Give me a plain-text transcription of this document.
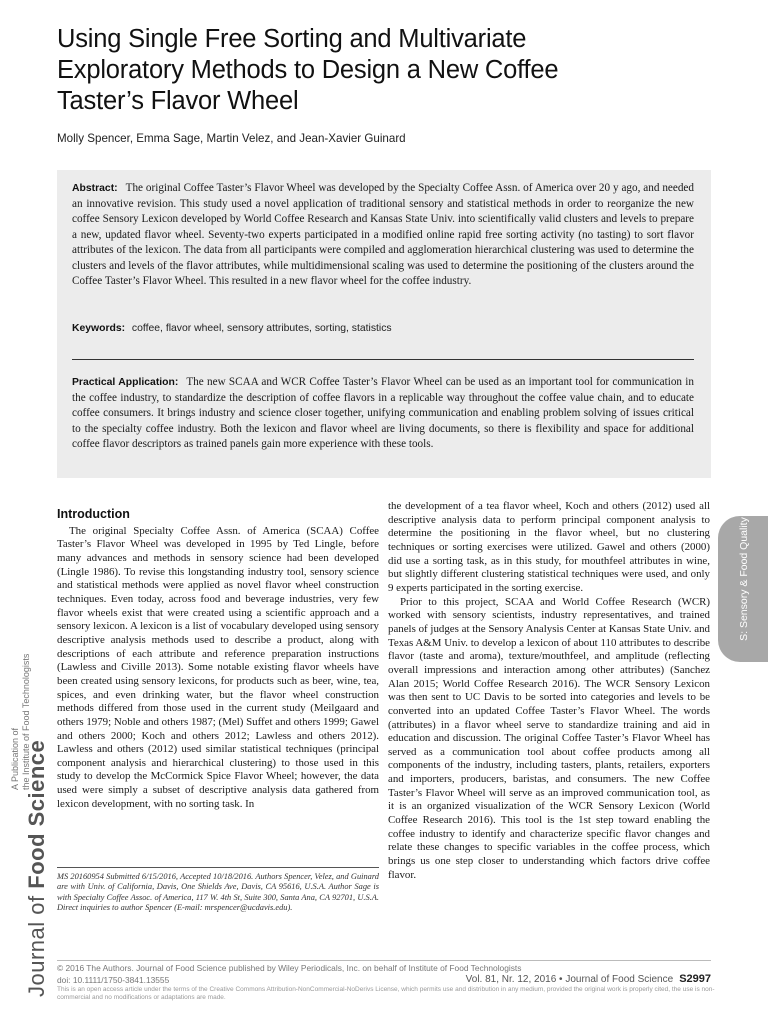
Using Single Free Sorting and Multivariate
Exploratory Methods to Design a New Coffee
Taster’s Flavor Wheel
Molly Spencer, Emma Sage, Martin Velez, and Jean-Xavier Guinard
Abstract: The original Coffee Taster’s Flavor Wheel was developed by the Specialty Coffee Assn. of America over 20 y ago, and needed an innovative revision. This study used a novel application of traditional sensory and statistical methods in order to reorganize the new coffee Sensory Lexicon developed by World Coffee Research and Kansas State Univ. into scientifically valid clusters and levels to prepare a new, updated flavor wheel. Seventy-two experts participated in a modified online rapid free sorting activity (no tasting) to sort flavor attributes of the lexicon. The data from all participants were compiled and agglomeration hierarchical clustering was used to determine the clusters and levels of the flavor attributes, while multidimensional scaling was used to determine the positioning of the clusters around the Coffee Taster’s Flavor Wheel. This resulted in a new flavor wheel for the coffee industry.
Keywords: coffee, flavor wheel, sensory attributes, sorting, statistics
Practical Application: The new SCAA and WCR Coffee Taster’s Flavor Wheel can be used as an important tool for communication in the coffee industry, to standardize the description of coffee flavors in a replicable way throughout the coffee value chain, and to educate coffee consumers. It brings industry and science closer together, unifying communication and enabling problem solving of issues critical to the specialty coffee industry. Both the lexicon and flavor wheel are living documents, so there is flexibility and space for additional coffee flavor descriptors as trained panels gain more experience with these tools.
Introduction

The original Specialty Coffee Assn. of America (SCAA) Coffee Taster’s Flavor Wheel was developed in 1995 by Ted Lingle, before many advances and methods in sensory science had been developed (Lingle 1986). To revise this longstanding industry tool, sensory science and statistical methods were applied as novel flavor wheel construction techniques. Even today, across food and beverage industries, very few flavor wheels exist that were created using a scientific approach and a sensory lexicon. A lexicon is a list of vocabulary developed using sensory descriptive analysis methods used to describe a product, along with descriptions of each attribute and reference preparation instructions (Lawless and Civille 2013). Some notable existing flavor wheels have been created using sensory lexicons, for products such as beer, wine, tea, spices, and even drinking water, but the flavor wheel construction methods differed from those used in the current study (Meilgaard and others 1979; Noble and others 1987; (Mel) Suffet and others 1999; Gawel and others 2000; Koch and others 2012; Lawless and others 2012). Lawless and others (2012) used similar statistical techniques (principal component analysis and hierarchical clustering) to those used in this study to develop the McCormick Spice Flavor Wheel; however, the data used were simply a subset of descriptive analysis data gathered from lexicon development, with no sorting task. In

the development of a tea flavor wheel, Koch and others (2012) used all descriptive analysis data to perform principal component analysis to determine the positioning in the flavor wheel, but no clustering techniques or sorting exercises were utilized. Gawel and others (2000) did use a sorting task, as in this study, for mouthfeel attributes in wine, but slightly different clustering statistical techniques were used, and only 9 experts participated in the sorting exercise.

Prior to this project, SCAA and World Coffee Research (WCR) worked with sensory scientists, industry representatives, and trained panels of judges at the Sensory Analysis Center at Kansas State Univ. and Texas A&M Univ. to develop a lexicon of about 110 attributes to describe flavor (taste and aroma), texture/mouthfeel, and amplitude (reflecting overall impressions and interaction among other attributes) (Sanchez Alan 2015; World Coffee Research 2016). The WCR Sensory Lexicon was then sent to UC Davis to be sorted into categories and levels to be converted into an updated Coffee Taster’s Flavor Wheel. The words (attributes) in a flavor wheel serve to standardize training and aid in education and discussion. The original Coffee Taster’s Flavor Wheel has served as a communication tool about coffee products among all components of the industry, including tasters, plants, retailers, exporters and importers, producers, baristas, and consumers. The new Coffee Taster’s Flavor Wheel will serve as an improved communication tool, as it is an organized visualization of the WCR Sensory Lexicon (World Coffee Research 2016). This tool is the 1st step toward enabling the coffee industry to identify and characterize specific flavor changes and relate these changes to specific variables in the coffee process, which brings us one step closer to understanding which factors drive coffee flavor.

MS 20160954 Submitted 6/15/2016, Accepted 10/18/2016. Authors Spencer, Velez, and Guinard are with Univ. of California, Davis, One Shields Ave, Davis, CA 95616, U.S.A. Author Sage is with Specialty Coffee Assoc. of America, 117 W. 4th St, Suite 300, Santa Ana, CA 92701, U.S.A. Direct inquiries to author Spencer (E-mail: mrspencer@ucdavis.edu).
© 2016 The Authors. Journal of Food Science published by Wiley Periodicals, Inc. on behalf of Institute of Food Technologists
doi: 10.1111/1750-3841.13555	Vol. 81, Nr. 12, 2016 • Journal of Food Science S2997
This is an open access article under the terms of the Creative Commons Attribution-NonCommercial-NoDerivs License, which permits use and distribution in any medium, provided the original work is properly cited, the use is non-commercial and no modifications or adaptations are made.
S: Sensory & Food Quality
A Publication of the Institute of Food Technologists
Journal of Food Science
